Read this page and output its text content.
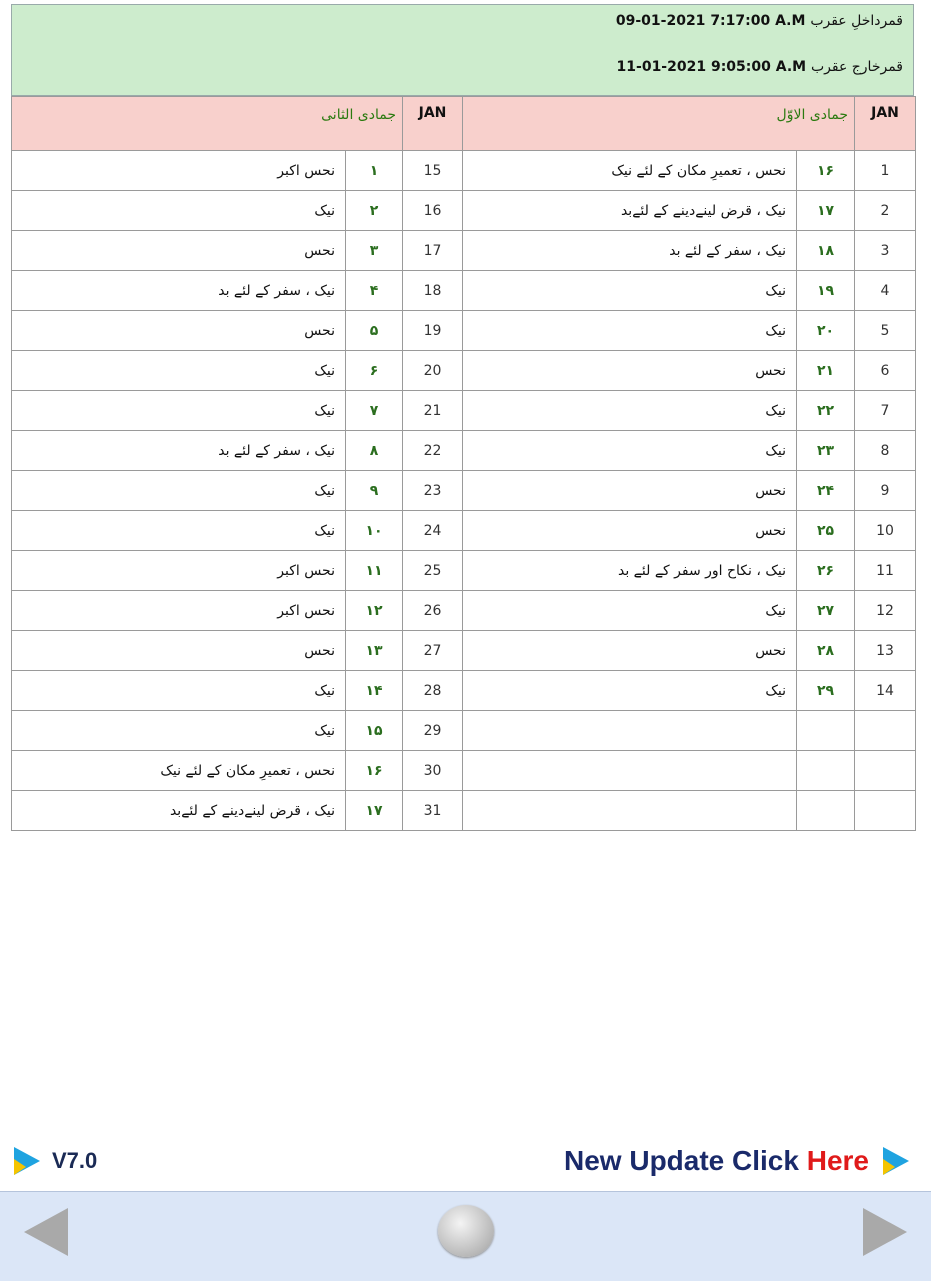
قمرداخلِ عقرب 7:17:00 A.M 09-01-2021
قمرخارج عقرب 9:05:00 A.M 11-01-2021
جمادی الثانی		JAN	جمادی الاوّل		JAN
نحس اکبر	۱	15	نحس ، تعمیرِ مکان کے لئے نیک	۱۶	1
نیک	۲	16	نیک ، قرض لینےدینے کے لئےبد	۱۷	2
نحس	۳	17	نیک ، سفر کے لئے بد	۱۸	3
نیک ، سفر کے لئے بد	۴	18	نیک	۱۹	4
نحس	۵	19	نیک	۲۰	5
نیک	۶	20	نحس	۲۱	6
نیک	۷	21	نیک	۲۲	7
نیک ، سفر کے لئے بد	۸	22	نیک	۲۳	8
نیک	۹	23	نحس	۲۴	9
نیک	۱۰	24	نحس	۲۵	10
نحس اکبر	۱۱	25	نیک ، نکاح اور سفر کے لئے بد	۲۶	11
نحس اکبر	۱۲	26	نیک	۲۷	12
نحس	۱۳	27	نحس	۲۸	13
نیک	۱۴	28	نیک	۲۹	14
نیک	۱۵	29			
نحس ، تعمیرِ مکان کے لئے نیک	۱۶	30			
نیک ، قرض لینےدینے کے لئےبد	۱۷	31			
V7.0	New Update Click Here
